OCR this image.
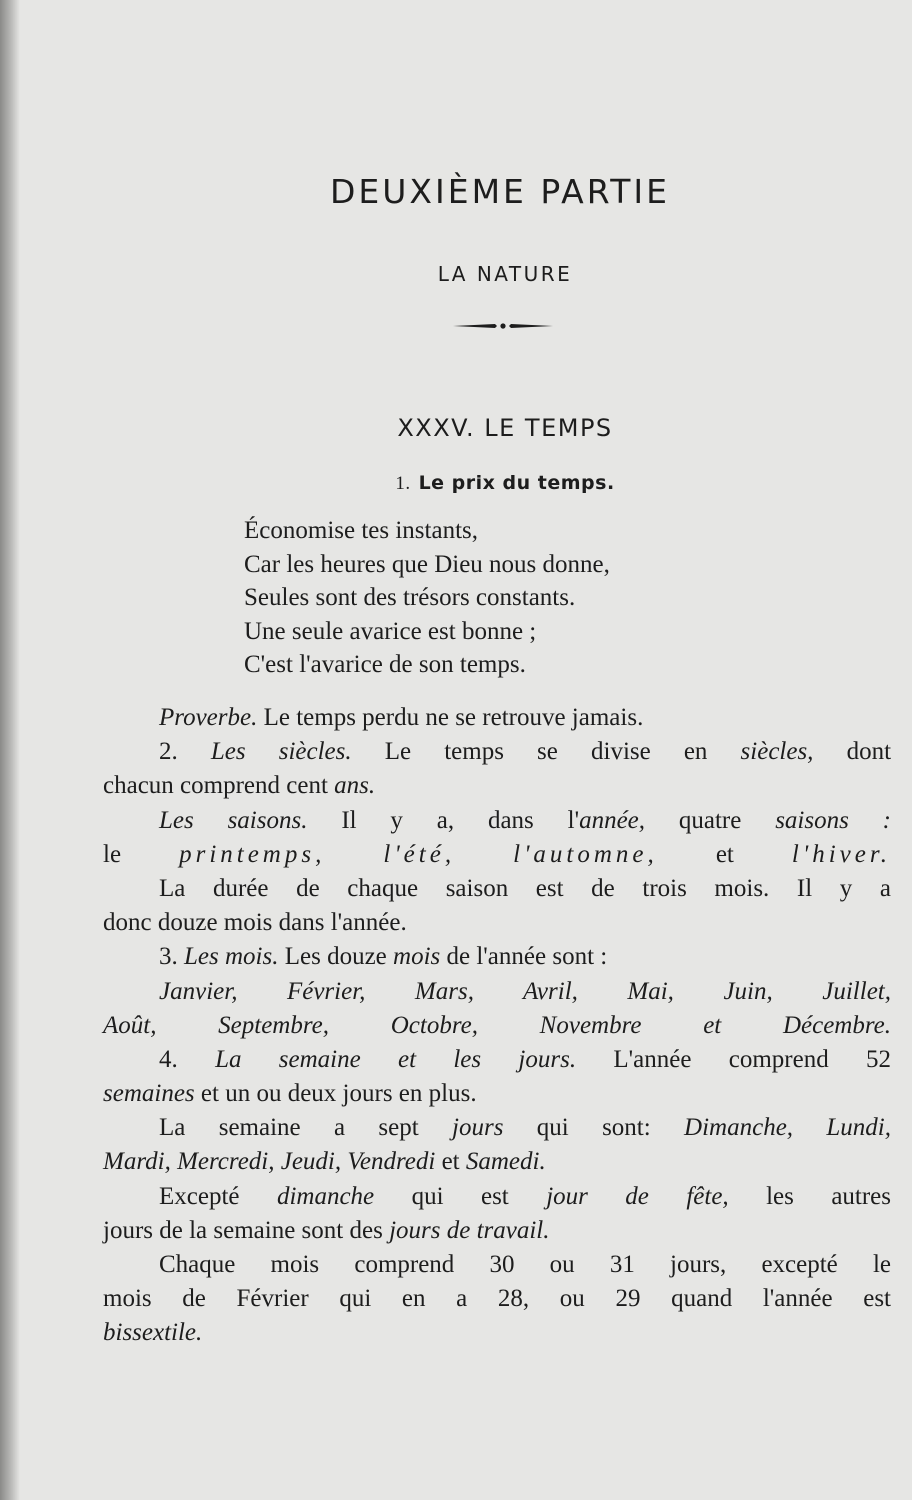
DEUXIÈME PARTIE
LA NATURE
XXXV. LE TEMPS
1. Le prix du temps.
Économise tes instants,
Car les heures que Dieu nous donne,
Seules sont des trésors constants.
Une seule avarice est bonne ;
C'est l'avarice de son temps.
Proverbe. Le temps perdu ne se retrouve jamais.
2. Les siècles. Le temps se divise en siècles, dont
chacun comprend cent ans.
Les saisons. Il y a, dans l'année, quatre saisons :
le printemps, l'été, l'automne, et l'hiver.
La durée de chaque saison est de trois mois. Il y a
donc douze mois dans l'année.
3. Les mois. Les douze mois de l'année sont :
Janvier, Février, Mars, Avril, Mai, Juin, Juillet,
Août, Septembre, Octobre, Novembre et Décembre.
4. La semaine et les jours. L'année comprend 52
semaines et un ou deux jours en plus.
La semaine a sept jours qui sont: Dimanche, Lundi,
Mardi, Mercredi, Jeudi, Vendredi et Samedi.
Excepté dimanche qui est jour de fête, les autres
jours de la semaine sont des jours de travail.
Chaque mois comprend 30 ou 31 jours, excepté le
mois de Février qui en a 28, ou 29 quand l'année est
bissextile.
